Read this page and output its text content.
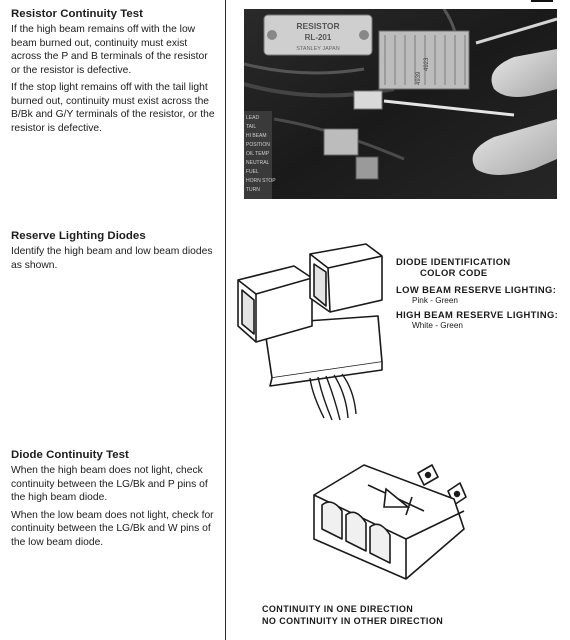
Resistor Continuity Test

If the high beam remains off with the low beam burned out, continuity must exist across the P and B terminals of the resistor or the resistor is defective.

If the stop light remains off with the tail light burned out, continuity must exist across the B/Bk and G/Y terminals of the resistor, or the resistor is defective.

Reserve Lighting Diodes

Identify the high beam and low beam diodes as shown.

Diode Continuity Test

When the high beam does not light, check continuity between the LG/Bk and P pins of the high beam diode.

When the low beam does not light, check for continuity between the LG/Bk and W pins of the low beam diode.

RESISTOR
RL-201
STANLEY JAPAN
4923
4939
LEAD
TAIL
HI BEAM
POSITION
OIL TEMP
NEUTRAL
FUEL
HORN STOP
TURN
DIODE IDENTIFICATION
COLOR CODE
LOW BEAM RESERVE LIGHTING:
Pink - Green
HIGH BEAM RESERVE LIGHTING:
White - Green
CONTINUITY IN ONE DIRECTION
NO CONTINUITY IN OTHER DIRECTION
